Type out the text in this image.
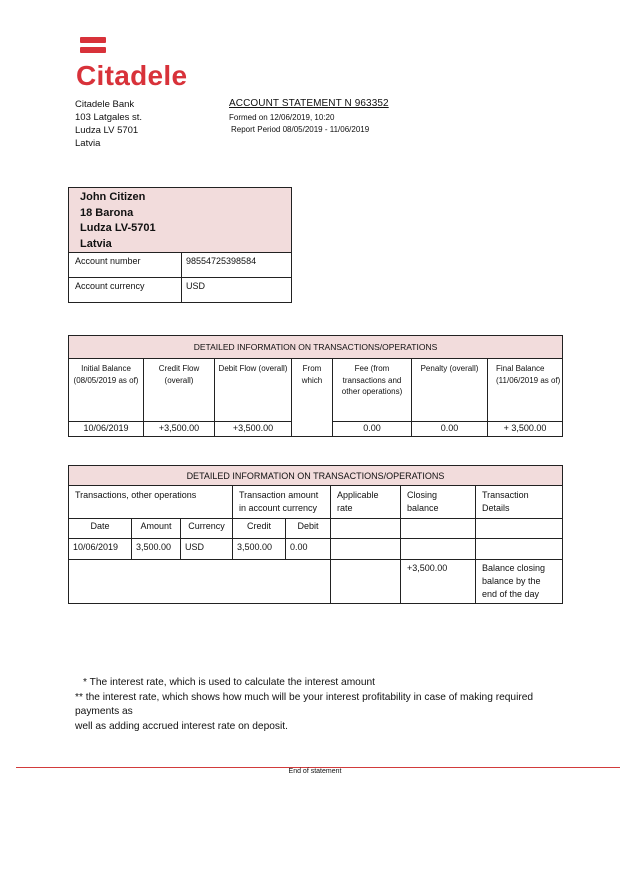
Citadele
Citadele Bank
103 Latgales st.
Ludza LV 5701
Latvia
ACCOUNT STATEMENT N 963352
Formed on 12/06/2019, 10:20
Report Period 08/05/2019 - 11/06/2019
John Citizen
18 Barona
Ludza LV-5701
Latvia	

Account number	98554725398584
Account currency	USD
DETAILED INFORMATION ON TRANSACTIONS/OPERATIONS						
Initial Balance (08/05/2019 as of)	Credit Flow (overall)	Debit Flow (overall)	From which	Fee (from transactions and other operations)	Penalty (overall)	Final Balance (11/06/2019 as of)
10/06/2019	+3,500.00	+3,500.00		0.00	0.00	+ 3,500.00
DETAILED INFORMATION ON TRANSACTIONS/OPERATIONS							
Transactions, other operations			Transaction amount in account currency		Applicable rate	Closing balance	Transaction Details
Date	Amount	Currency	Credit	Debit			
10/06/2019	3,500.00	USD	3,500.00	0.00			
						+3,500.00	Balance closing balance by the end of the day
* The interest rate, which is used to calculate the interest amount
** the interest rate, which shows how much will be your interest profitability in case of making required payments as
well as adding accrued interest rate on deposit.
End of statement
